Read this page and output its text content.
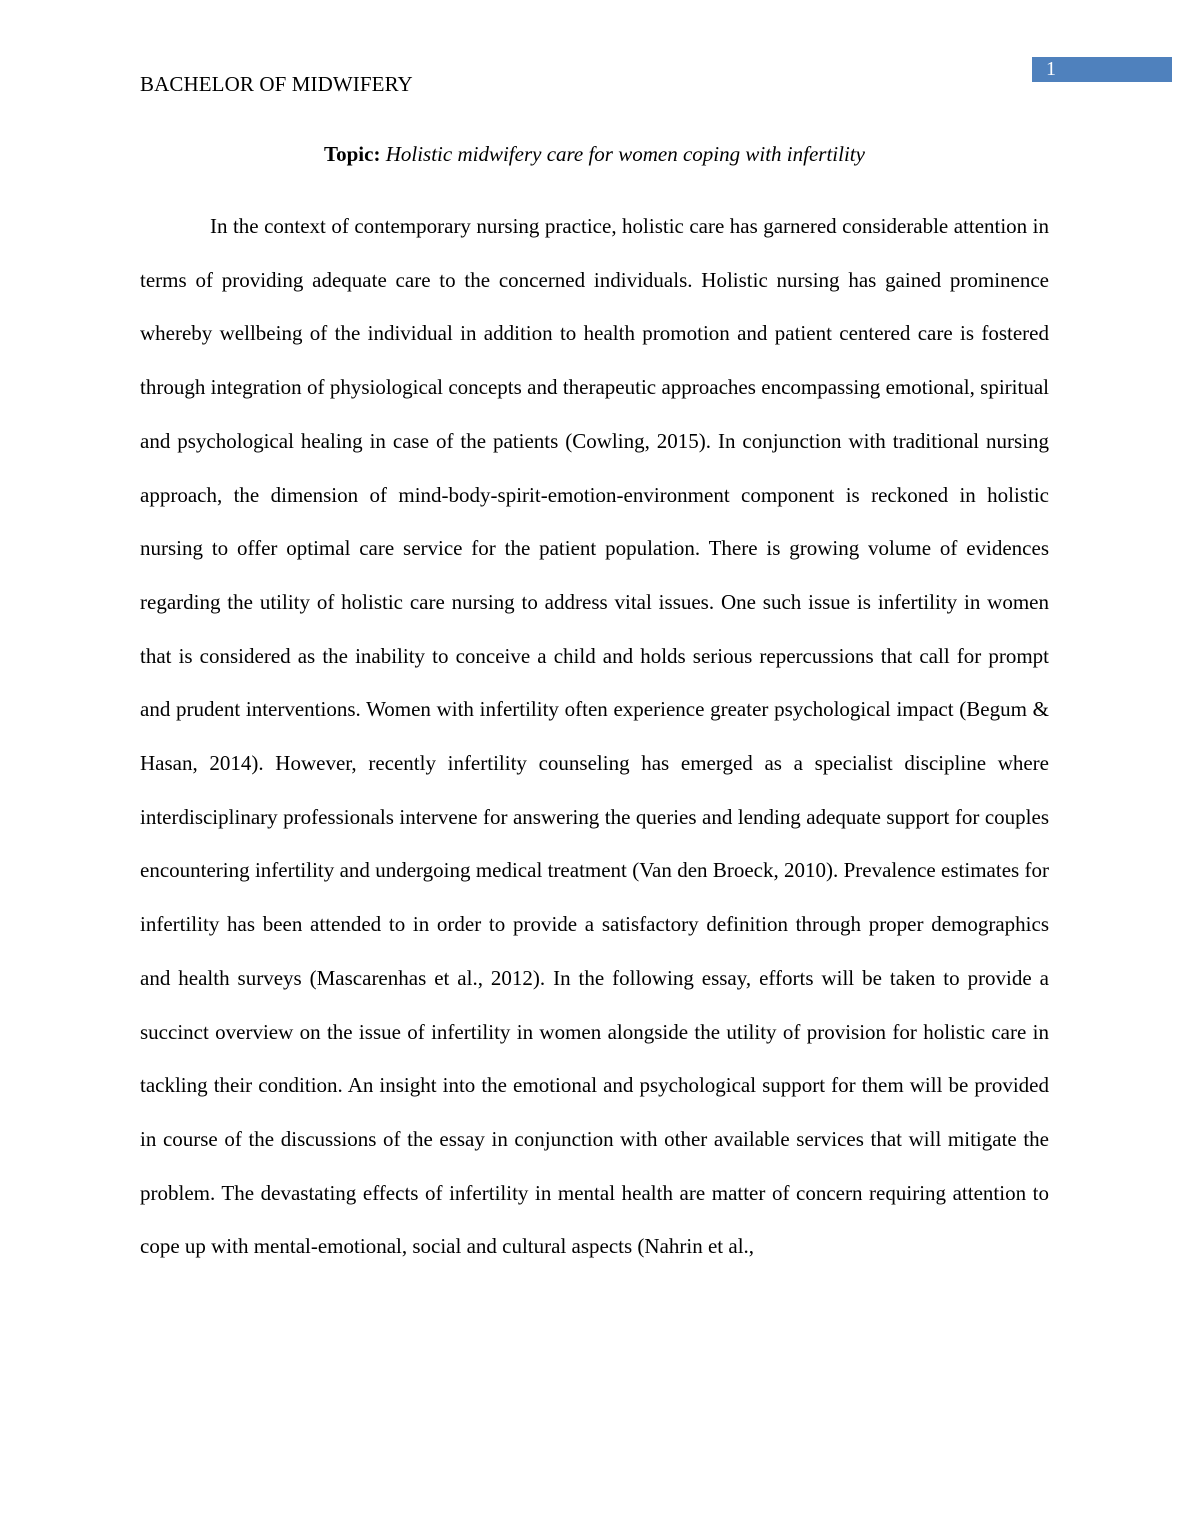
1
BACHELOR OF MIDWIFERY
Topic: Holistic midwifery care for women coping with infertility

In the context of contemporary nursing practice, holistic care has garnered considerable attention in terms of providing adequate care to the concerned individuals. Holistic nursing has gained prominence whereby wellbeing of the individual in addition to health promotion and patient centered care is fostered through integration of physiological concepts and therapeutic approaches encompassing emotional, spiritual and psychological healing in case of the patients (Cowling, 2015). In conjunction with traditional nursing approach, the dimension of mind-body-spirit-emotion-environment component is reckoned in holistic nursing to offer optimal care service for the patient population. There is growing volume of evidences regarding the utility of holistic care nursing to address vital issues. One such issue is infertility in women that is considered as the inability to conceive a child and holds serious repercussions that call for prompt and prudent interventions. Women with infertility often experience greater psychological impact (Begum & Hasan, 2014). However, recently infertility counseling has emerged as a specialist discipline where interdisciplinary professionals intervene for answering the queries and lending adequate support for couples encountering infertility and undergoing medical treatment (Van den Broeck, 2010). Prevalence estimates for infertility has been attended to in order to provide a satisfactory definition through proper demographics and health surveys (Mascarenhas et al., 2012). In the following essay, efforts will be taken to provide a succinct overview on the issue of infertility in women alongside the utility of provision for holistic care in tackling their condition. An insight into the emotional and psychological support for them will be provided in course of the discussions of the essay in conjunction with other available services that will mitigate the problem. The devastating effects of infertility in mental health are matter of concern requiring attention to cope up with mental-emotional, social and cultural aspects (Nahrin et al.,
